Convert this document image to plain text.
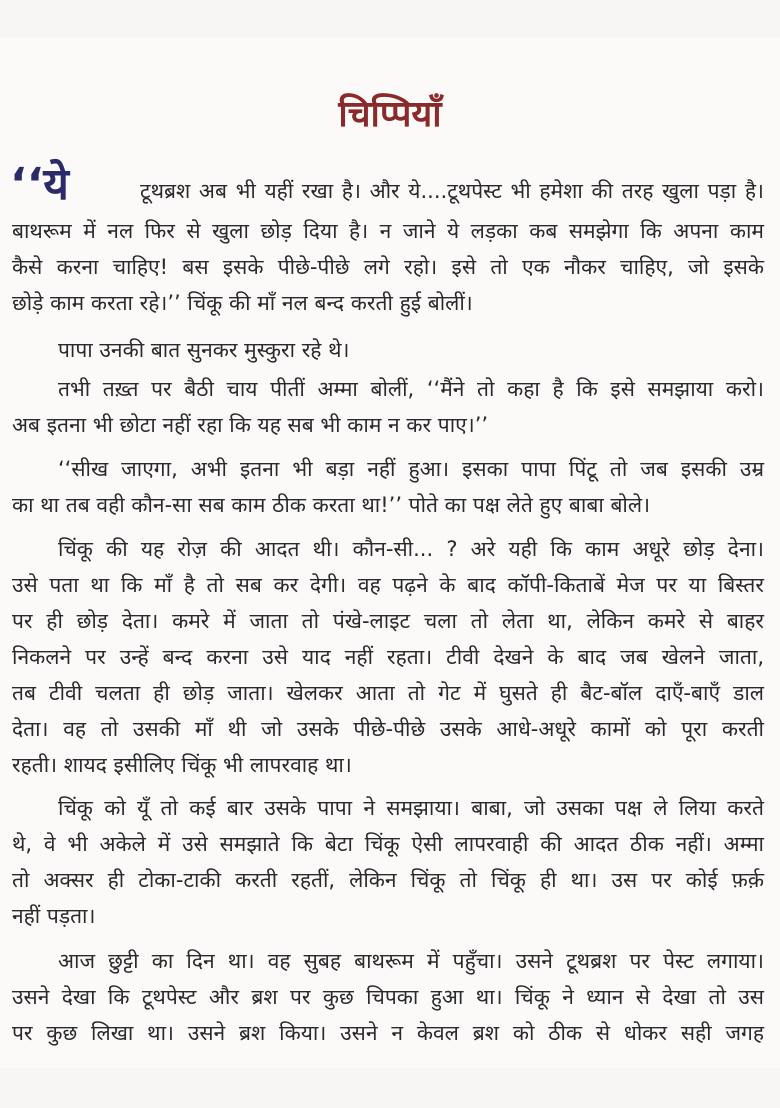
चिप्पियाँ
‘‘ये	टूथब्रश अब भी यहीं रखा है। और ये....टूथपेस्ट भी हमेशा की तरह खुला पड़ा है।
बाथरूम में नल फिर से खुला छोड़ दिया है। न जाने ये लड़का कब समझेगा कि अपना काम
कैसे करना चाहिए! बस इसके पीछे-पीछे लगे रहो। इसे तो एक नौकर चाहिए, जो इसके
छोड़े काम करता रहे।’’ चिंकू की माँ नल बन्द करती हुई बोलीं।
पापा उनकी बात सुनकर मुस्कुरा रहे थे।
तभी तख़्त पर बैठी चाय पीतीं अम्मा बोलीं, ‘‘मैंने तो कहा है कि इसे समझाया करो।
अब इतना भी छोटा नहीं रहा कि यह सब भी काम न कर पाए।’’
‘‘सीख जाएगा, अभी इतना भी बड़ा नहीं हुआ। इसका पापा पिंटू तो जब इसकी उम्र
का था तब वही कौन-सा सब काम ठीक करता था!’’ पोते का पक्ष लेते हुए बाबा बोले।
चिंकू की यह रोज़ की आदत थी। कौन-सी... ? अरे यही कि काम अधूरे छोड़ देना।
उसे पता था कि माँ है तो सब कर देगी। वह पढ़ने के बाद कॉपी-किताबें मेज पर या बिस्तर
पर ही छोड़ देता। कमरे में जाता तो पंखे-लाइट चला तो लेता था, लेकिन कमरे से बाहर
निकलने पर उन्हें बन्द करना उसे याद नहीं रहता। टीवी देखने के बाद जब खेलने जाता,
तब टीवी चलता ही छोड़ जाता। खेलकर आता तो गेट में घुसते ही बैट-बॉल दाएँ-बाएँ डाल
देता। वह तो उसकी माँ थी जो उसके पीछे-पीछे उसके आधे-अधूरे कामों को पूरा करती
रहती। शायद इसीलिए चिंकू भी लापरवाह था।
चिंकू को यूँ तो कई बार उसके पापा ने समझाया। बाबा, जो उसका पक्ष ले लिया करते
थे, वे भी अकेले में उसे समझाते कि बेटा चिंकू ऐसी लापरवाही की आदत ठीक नहीं। अम्मा
तो अक्सर ही टोका-टाकी करती रहतीं, लेकिन चिंकू तो चिंकू ही था। उस पर कोई फ़र्क़
नहीं पड़ता।
आज छुट्टी का दिन था। वह सुबह बाथरूम में पहुँचा। उसने टूथब्रश पर पेस्ट लगाया।
उसने देखा कि टूथपेस्ट और ब्रश पर कुछ चिपका हुआ था। चिंकू ने ध्यान से देखा तो उस
पर कुछ लिखा था। उसने ब्रश किया। उसने न केवल ब्रश को ठीक से धोकर सही जगह
